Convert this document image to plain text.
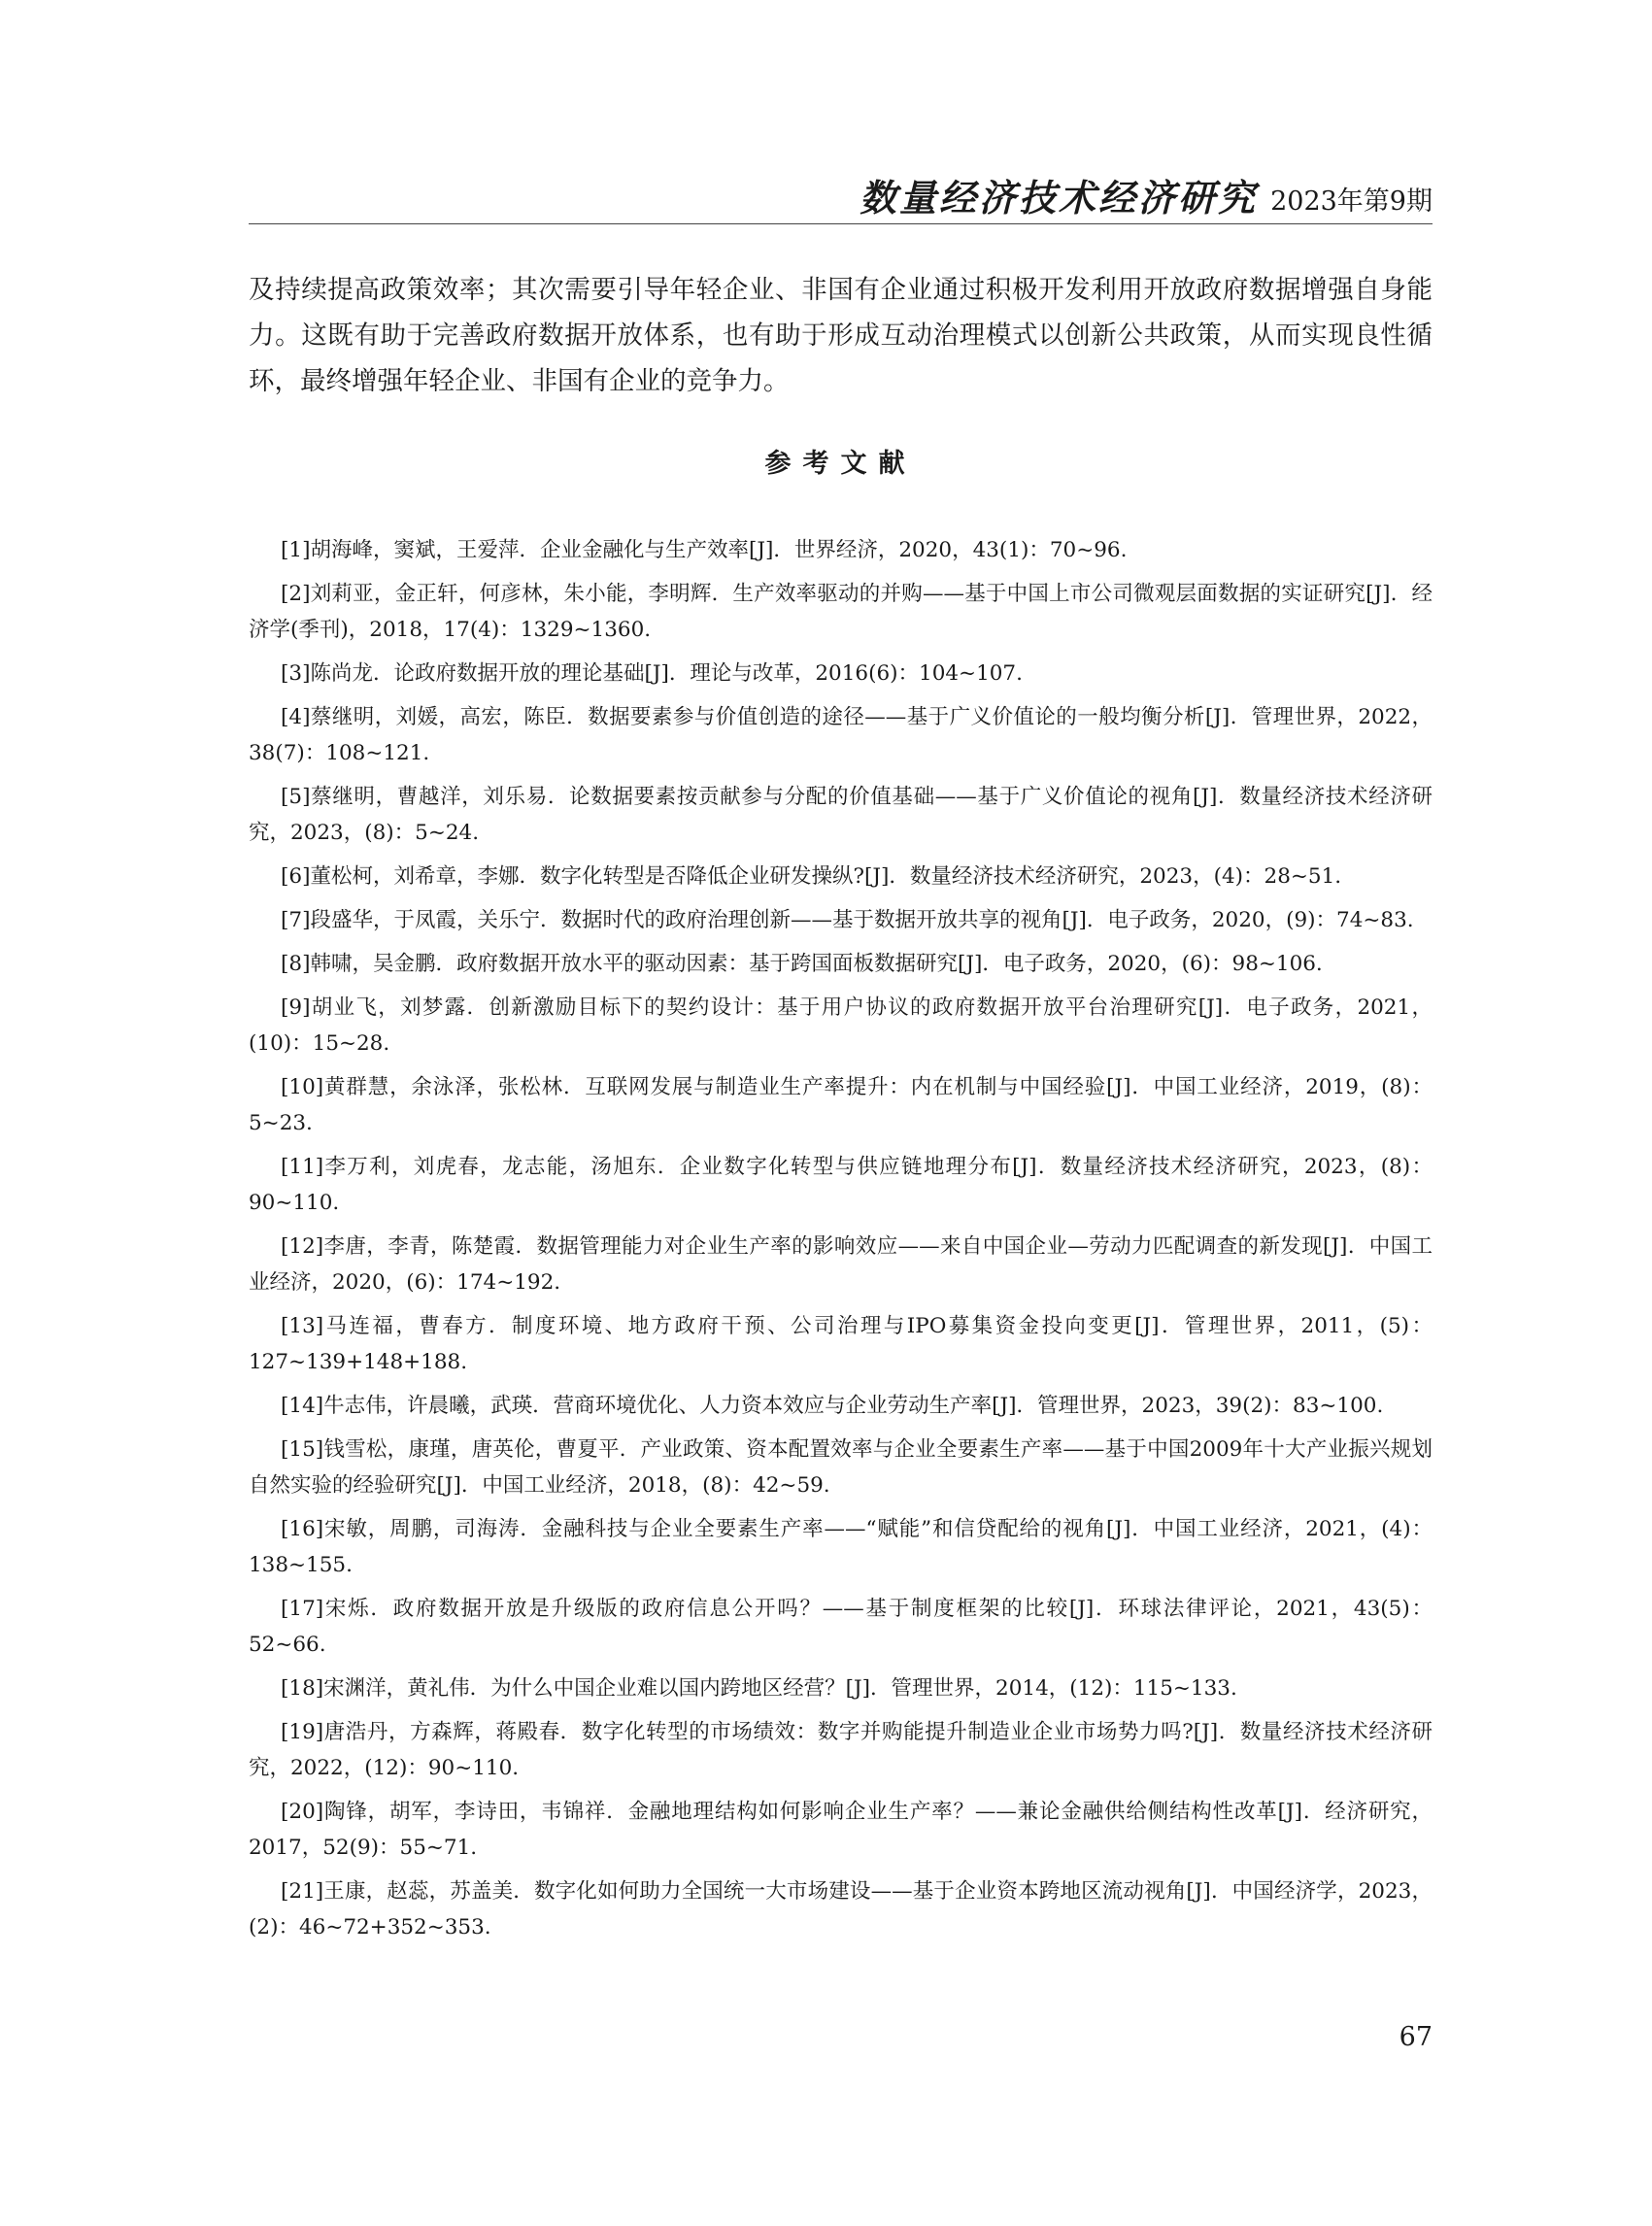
数量经济技术经济研究 2023年第9期

及持续提高政策效率；其次需要引导年轻企业、非国有企业通过积极开发利用开放政府数据增强自身能力。这既有助于完善政府数据开放体系，也有助于形成互动治理模式以创新公共政策，从而实现良性循环，最终增强年轻企业、非国有企业的竞争力。

参考文献

[1]胡海峰，窦斌，王爱萍．企业金融化与生产效率[J]．世界经济，2020，43(1)：70~96.

[2]刘莉亚，金正轩，何彦林，朱小能，李明辉．生产效率驱动的并购——基于中国上市公司微观层面数据的实证研究[J]．经济学(季刊)，2018，17(4)：1329~1360.

[3]陈尚龙．论政府数据开放的理论基础[J]．理论与改革，2016(6)：104~107.

[4]蔡继明，刘媛，高宏，陈臣．数据要素参与价值创造的途径——基于广义价值论的一般均衡分析[J]．管理世界，2022，38(7)：108~121.

[5]蔡继明，曹越洋，刘乐易．论数据要素按贡献参与分配的价值基础——基于广义价值论的视角[J]．数量经济技术经济研究，2023，(8)：5~24.

[6]董松柯，刘希章，李娜．数字化转型是否降低企业研发操纵?[J]．数量经济技术经济研究，2023，(4)：28~51.

[7]段盛华，于凤霞，关乐宁．数据时代的政府治理创新——基于数据开放共享的视角[J]．电子政务，2020，(9)：74~83.

[8]韩啸，吴金鹏．政府数据开放水平的驱动因素：基于跨国面板数据研究[J]．电子政务，2020，(6)：98~106.

[9]胡业飞，刘梦露．创新激励目标下的契约设计：基于用户协议的政府数据开放平台治理研究[J]．电子政务，2021，(10)：15~28.

[10]黄群慧，余泳泽，张松林．互联网发展与制造业生产率提升：内在机制与中国经验[J]．中国工业经济，2019，(8)：5~23.

[11]李万利，刘虎春，龙志能，汤旭东．企业数字化转型与供应链地理分布[J]．数量经济技术经济研究，2023，(8)：90~110.

[12]李唐，李青，陈楚霞．数据管理能力对企业生产率的影响效应——来自中国企业—劳动力匹配调查的新发现[J]．中国工业经济，2020，(6)：174~192.

[13]马连福，曹春方．制度环境、地方政府干预、公司治理与IPO募集资金投向变更[J]．管理世界，2011，(5)：127~139+148+188.

[14]牛志伟，许晨曦，武瑛．营商环境优化、人力资本效应与企业劳动生产率[J]．管理世界，2023，39(2)：83~100.

[15]钱雪松，康瑾，唐英伦，曹夏平．产业政策、资本配置效率与企业全要素生产率——基于中国2009年十大产业振兴规划自然实验的经验研究[J]．中国工业经济，2018，(8)：42~59.

[16]宋敏，周鹏，司海涛．金融科技与企业全要素生产率——“赋能”和信贷配给的视角[J]．中国工业经济，2021，(4)：138~155.

[17]宋烁．政府数据开放是升级版的政府信息公开吗？——基于制度框架的比较[J]．环球法律评论，2021，43(5)：52~66.

[18]宋渊洋，黄礼伟．为什么中国企业难以国内跨地区经营？[J]．管理世界，2014，(12)：115~133.

[19]唐浩丹，方森辉，蒋殿春．数字化转型的市场绩效：数字并购能提升制造业企业市场势力吗?[J]．数量经济技术经济研究，2022，(12)：90~110.

[20]陶锋，胡军，李诗田，韦锦祥．金融地理结构如何影响企业生产率？——兼论金融供给侧结构性改革[J]．经济研究，2017，52(9)：55~71.

[21]王康，赵蕊，苏盖美．数字化如何助力全国统一大市场建设——基于企业资本跨地区流动视角[J]．中国经济学，2023，(2)：46~72+352~353.

67
